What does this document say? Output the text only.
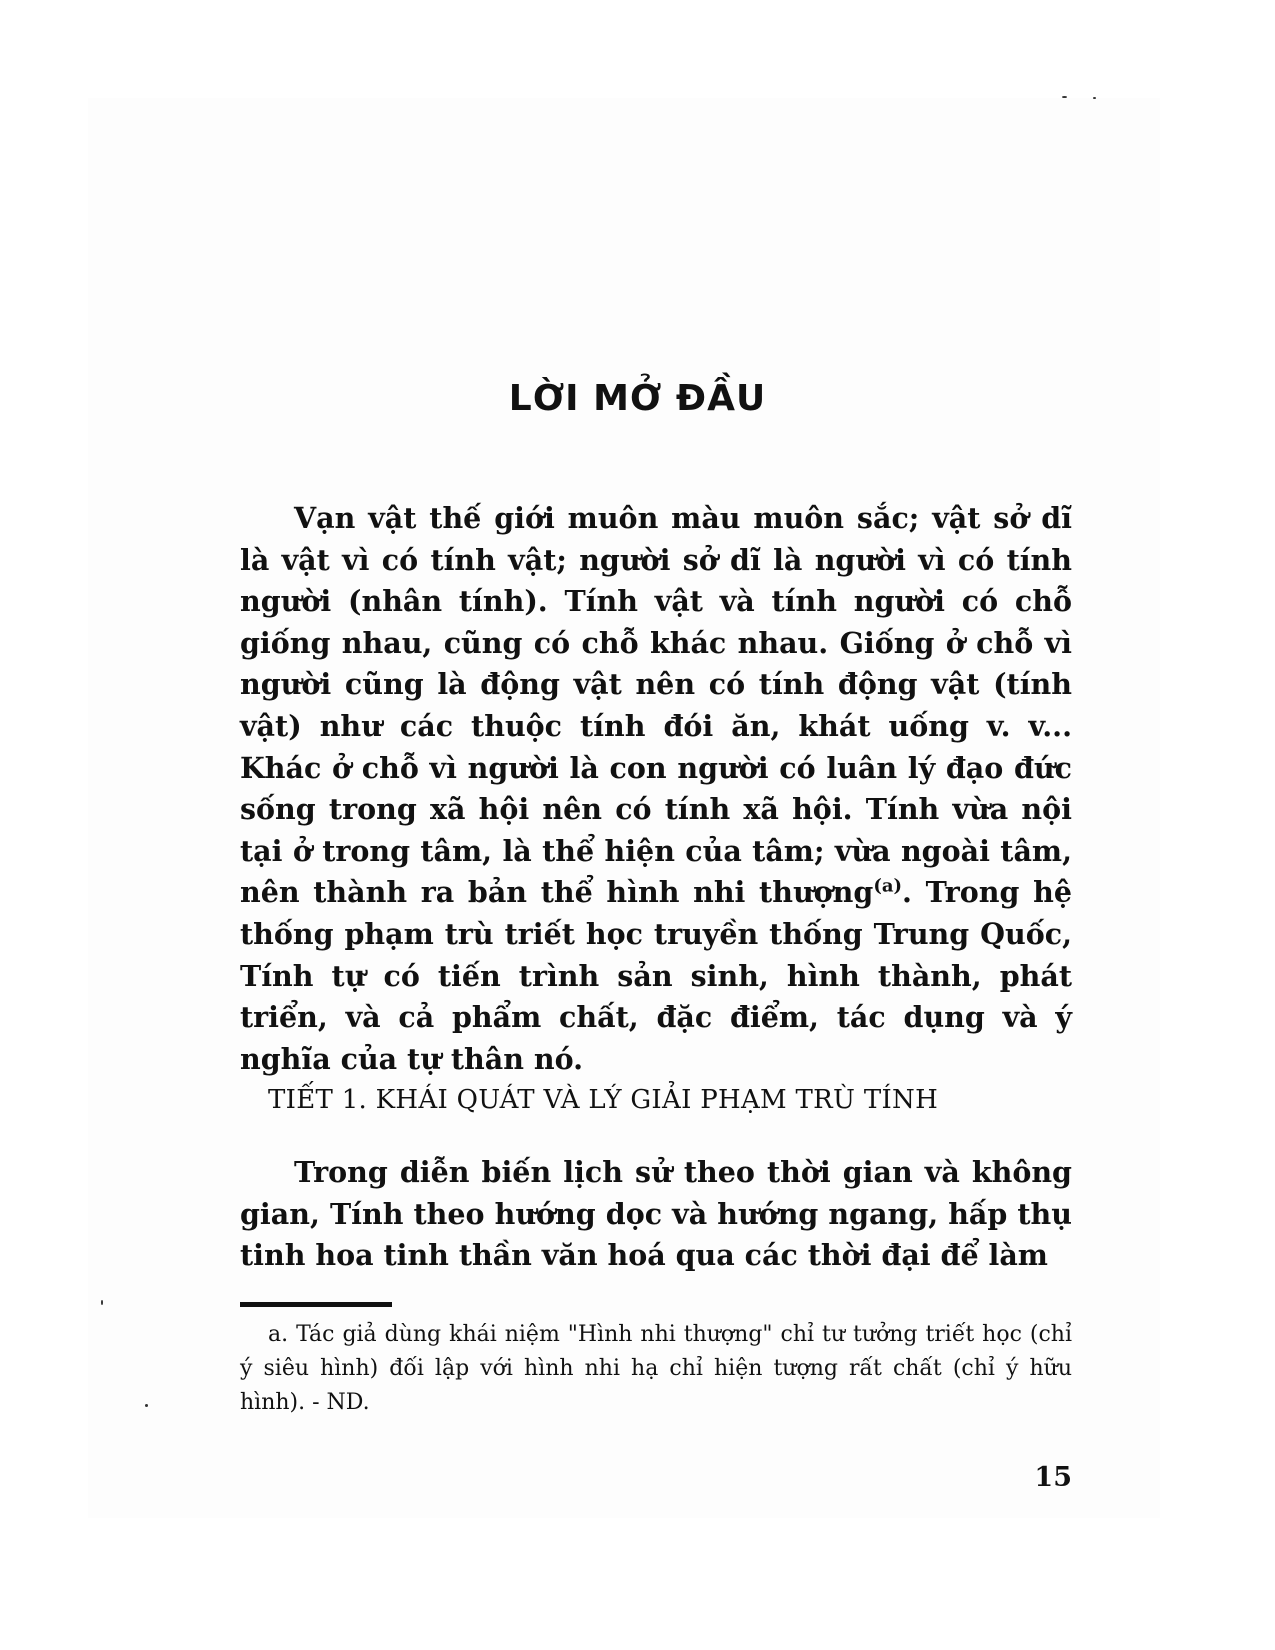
LỜI MỞ ĐẦU

Vạn vật thế giới muôn màu muôn sắc; vật sở dĩ là vật vì có tính vật; người sở dĩ là người vì có tính người (nhân tính). Tính vật và tính người có chỗ giống nhau, cũng có chỗ khác nhau. Giống ở chỗ vì người cũng là động vật nên có tính động vật (tính vật) như các thuộc tính đói ăn, khát uống v. v... Khác ở chỗ vì người là con người có luân lý đạo đức sống trong xã hội nên có tính xã hội. Tính vừa nội tại ở trong tâm, là thể hiện của tâm; vừa ngoài tâm, nên thành ra bản thể hình nhi thượng$^{(a)}$. Trong hệ thống phạm trù triết học truyền thống Trung Quốc, Tính tự có tiến trình sản sinh, hình thành, phát triển, và cả phẩm chất, đặc điểm, tác dụng và ý nghĩa của tự thân nó.

TIẾT 1. KHÁI QUÁT VÀ LÝ GIẢI PHẠM TRÙ TÍNH

Trong diễn biến lịch sử theo thời gian và không gian, Tính theo hướng dọc và hướng ngang, hấp thụ tinh hoa tinh thần văn hoá qua các thời đại để làm

a. Tác giả dùng khái niệm "Hình nhi thượng" chỉ tư tưởng triết học (chỉ ý siêu hình) đối lập với hình nhi hạ chỉ hiện tượng rất chất (chỉ ý hữu hình). - ND.

15
